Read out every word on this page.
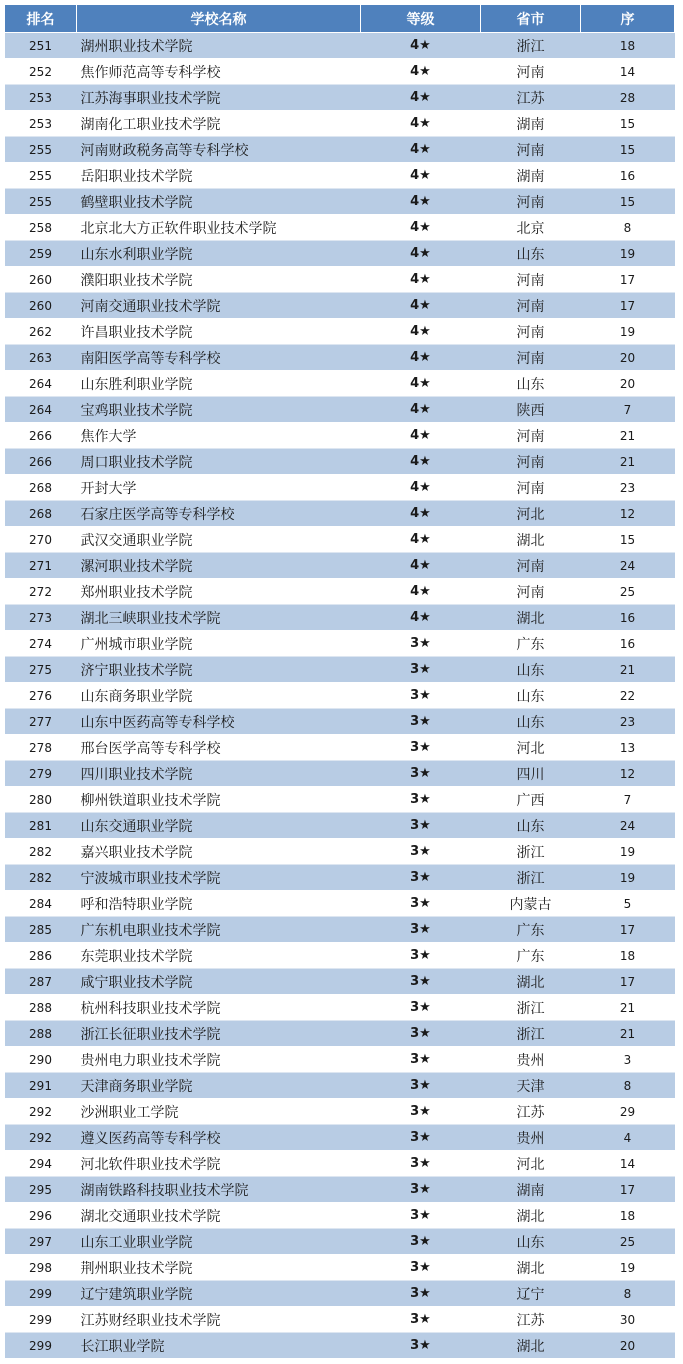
排名	学校名称	等级	省市	序
251	湖州职业技术学院	4★	浙江	18
252	焦作师范高等专科学校	4★	河南	14
253	江苏海事职业技术学院	4★	江苏	28
253	湖南化工职业技术学院	4★	湖南	15
255	河南财政税务高等专科学校	4★	河南	15
255	岳阳职业技术学院	4★	湖南	16
255	鹤壁职业技术学院	4★	河南	15
258	北京北大方正软件职业技术学院	4★	北京	8
259	山东水利职业学院	4★	山东	19
260	濮阳职业技术学院	4★	河南	17
260	河南交通职业技术学院	4★	河南	17
262	许昌职业技术学院	4★	河南	19
263	南阳医学高等专科学校	4★	河南	20
264	山东胜利职业学院	4★	山东	20
264	宝鸡职业技术学院	4★	陕西	7
266	焦作大学	4★	河南	21
266	周口职业技术学院	4★	河南	21
268	开封大学	4★	河南	23
268	石家庄医学高等专科学校	4★	河北	12
270	武汉交通职业学院	4★	湖北	15
271	漯河职业技术学院	4★	河南	24
272	郑州职业技术学院	4★	河南	25
273	湖北三峡职业技术学院	4★	湖北	16
274	广州城市职业学院	3★	广东	16
275	济宁职业技术学院	3★	山东	21
276	山东商务职业学院	3★	山东	22
277	山东中医药高等专科学校	3★	山东	23
278	邢台医学高等专科学校	3★	河北	13
279	四川职业技术学院	3★	四川	12
280	柳州铁道职业技术学院	3★	广西	7
281	山东交通职业学院	3★	山东	24
282	嘉兴职业技术学院	3★	浙江	19
282	宁波城市职业技术学院	3★	浙江	19
284	呼和浩特职业学院	3★	内蒙古	5
285	广东机电职业技术学院	3★	广东	17
286	东莞职业技术学院	3★	广东	18
287	咸宁职业技术学院	3★	湖北	17
288	杭州科技职业技术学院	3★	浙江	21
288	浙江长征职业技术学院	3★	浙江	21
290	贵州电力职业技术学院	3★	贵州	3
291	天津商务职业学院	3★	天津	8
292	沙洲职业工学院	3★	江苏	29
292	遵义医药高等专科学校	3★	贵州	4
294	河北软件职业技术学院	3★	河北	14
295	湖南铁路科技职业技术学院	3★	湖南	17
296	湖北交通职业技术学院	3★	湖北	18
297	山东工业职业学院	3★	山东	25
298	荆州职业技术学院	3★	湖北	19
299	辽宁建筑职业学院	3★	辽宁	8
299	江苏财经职业技术学院	3★	江苏	30
299	长江职业学院	3★	湖北	20
